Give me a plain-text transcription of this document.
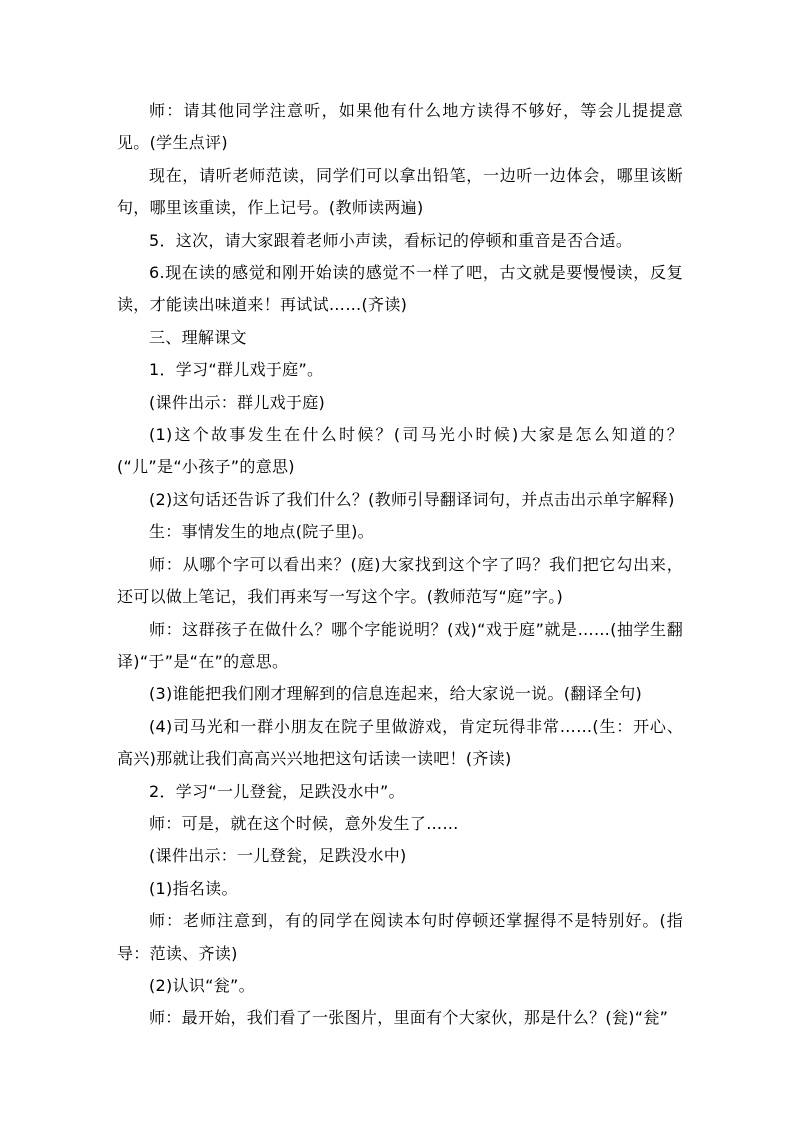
师：请其他同学注意听，如果他有什么地方读得不够好，等会儿提提意见。(学生点评)

现在，请听老师范读，同学们可以拿出铅笔，一边听一边体会，哪里该断句，哪里该重读，作上记号。(教师读两遍)

5．这次，请大家跟着老师小声读，看标记的停顿和重音是否合适。

6.现在读的感觉和刚开始读的感觉不一样了吧，古文就是要慢慢读，反复读，才能读出味道来！再试试……(齐读)

三、理解课文

1．学习“群儿戏于庭”。

(课件出示：群儿戏于庭)

(1)这个故事发生在什么时候？(司马光小时候)大家是怎么知道的？(“儿”是“小孩子”的意思)

(2)这句话还告诉了我们什么？(教师引导翻译词句，并点击出示单字解释)

生：事情发生的地点(院子里)。

师：从哪个字可以看出来？(庭)大家找到这个字了吗？我们把它勾出来，还可以做上笔记，我们再来写一写这个字。(教师范写“庭”字。)

师：这群孩子在做什么？哪个字能说明？(戏)“戏于庭”就是……(抽学生翻译)“于”是“在”的意思。

(3)谁能把我们刚才理解到的信息连起来，给大家说一说。(翻译全句)

(4)司马光和一群小朋友在院子里做游戏，肯定玩得非常……(生：开心、高兴)那就让我们高高兴兴地把这句话读一读吧！(齐读)

2．学习“一儿登瓮，足跌没水中”。

师：可是，就在这个时候，意外发生了……

(课件出示：一儿登瓮，足跌没水中)

(1)指名读。

师：老师注意到，有的同学在阅读本句时停顿还掌握得不是特别好。(指导：范读、齐读)

(2)认识“瓮”。

师：最开始，我们看了一张图片，里面有个大家伙，那是什么？(瓮)“瓮”
